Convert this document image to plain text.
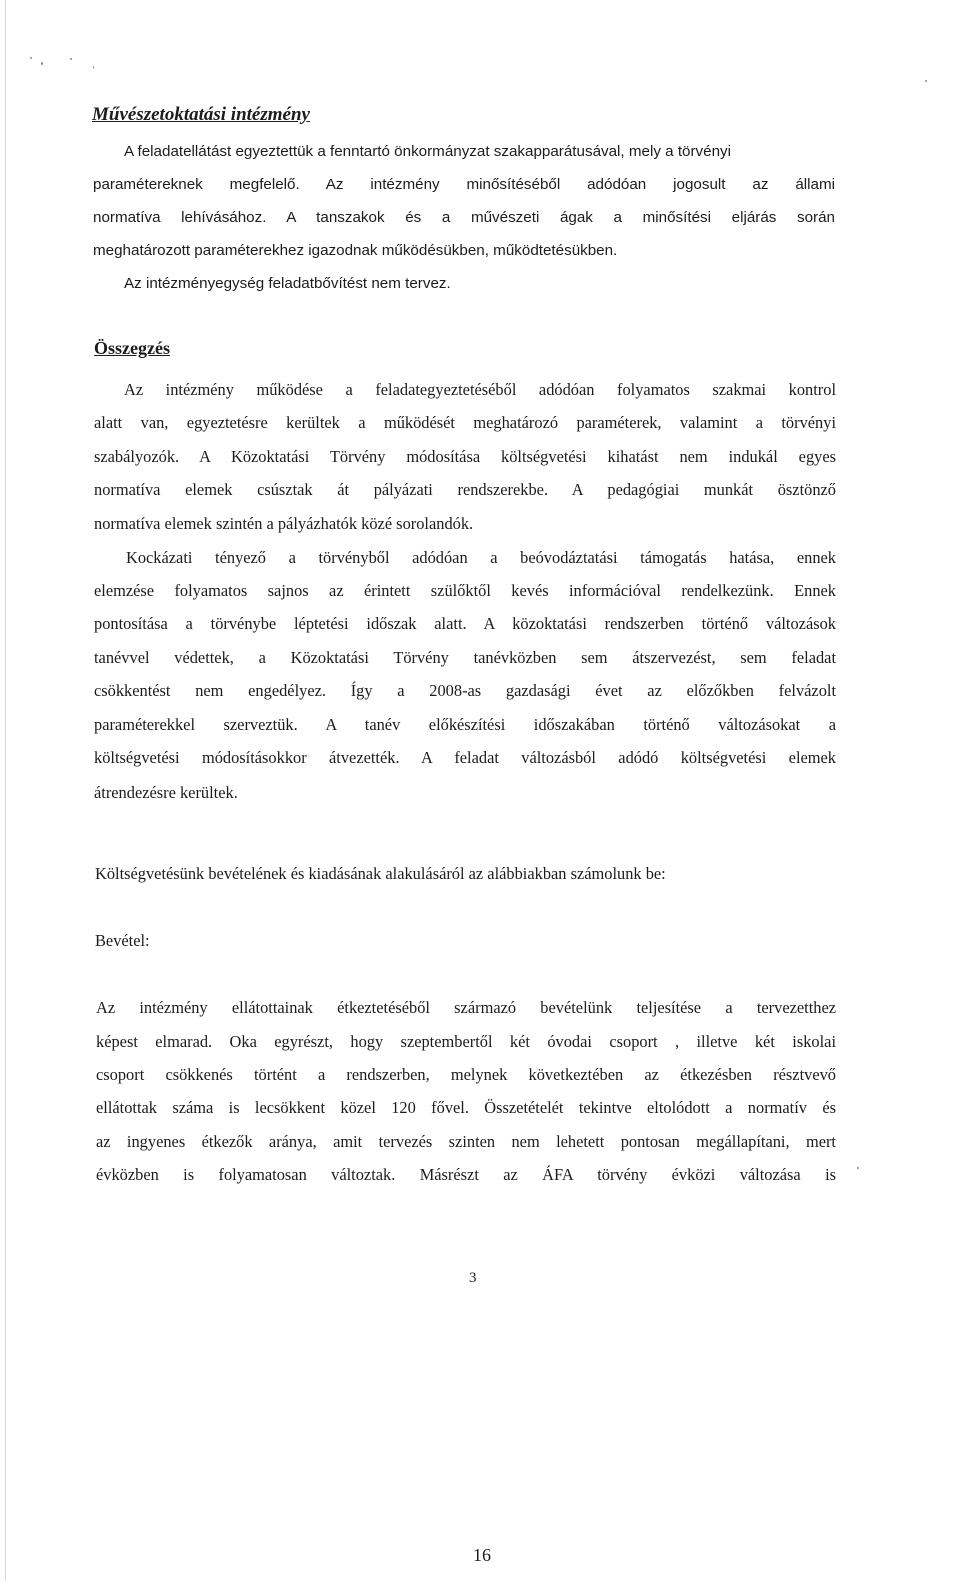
Művészetoktatási intézmény

A feladatellátást egyeztettük a fenntartó önkormányzat szakapparátusával, mely a törvényi

paramétereknek megfelelő. Az intézmény minősítéséből adódóan jogosult az állami

normatíva lehívásához. A tanszakok és a művészeti ágak a minősítési eljárás során

meghatározott paraméterekhez igazodnak működésükben, működtetésükben.

Az intézményegység feladatbővítést nem tervez.

Összegzés

Az intézmény működése a feladategyeztetéséből adódóan folyamatos szakmai kontrol

alatt van, egyeztetésre kerültek a működését meghatározó paraméterek, valamint a törvényi

szabályozók. A Közoktatási Törvény módosítása költségvetési kihatást nem indukál egyes

normatíva elemek csúsztak át pályázati rendszerekbe. A pedagógiai munkát ösztönző

normatíva elemek szintén a pályázhatók közé sorolandók.

Kockázati tényező a törvényből adódóan a beóvodáztatási támogatás hatása, ennek

elemzése folyamatos sajnos az érintett szülőktől kevés információval rendelkezünk. Ennek

pontosítása a törvénybe léptetési időszak alatt. A közoktatási rendszerben történő változások

tanévvel védettek, a Közoktatási Törvény tanévközben sem átszervezést, sem feladat

csökkentést nem engedélyez. Így a 2008-as gazdasági évet az előzőkben felvázolt

paraméterekkel szerveztük. A tanév előkészítési időszakában történő változásokat a

költségvetési módosításokkor átvezették. A feladat változásból adódó költségvetési elemek

átrendezésre kerültek.

Költségvetésünk bevételének és kiadásának alakulásáról az alábbiakban számolunk be:

Bevétel:

Az intézmény ellátottainak étkeztetéséből származó bevételünk teljesítése a tervezetthez

képest elmarad. Oka egyrészt, hogy szeptembertől két óvodai csoport , illetve két iskolai

csoport csökkenés történt a rendszerben, melynek következtében az étkezésben résztvevő

ellátottak száma is lecsökkent közel 120 fővel. Összetételét tekintve eltolódott a normatív és

az ingyenes étkezők aránya, amit tervezés szinten nem lehetett pontosan megállapítani, mert

évközben is folyamatosan változtak. Másrészt az ÁFA törvény évközi változása is

3

16
